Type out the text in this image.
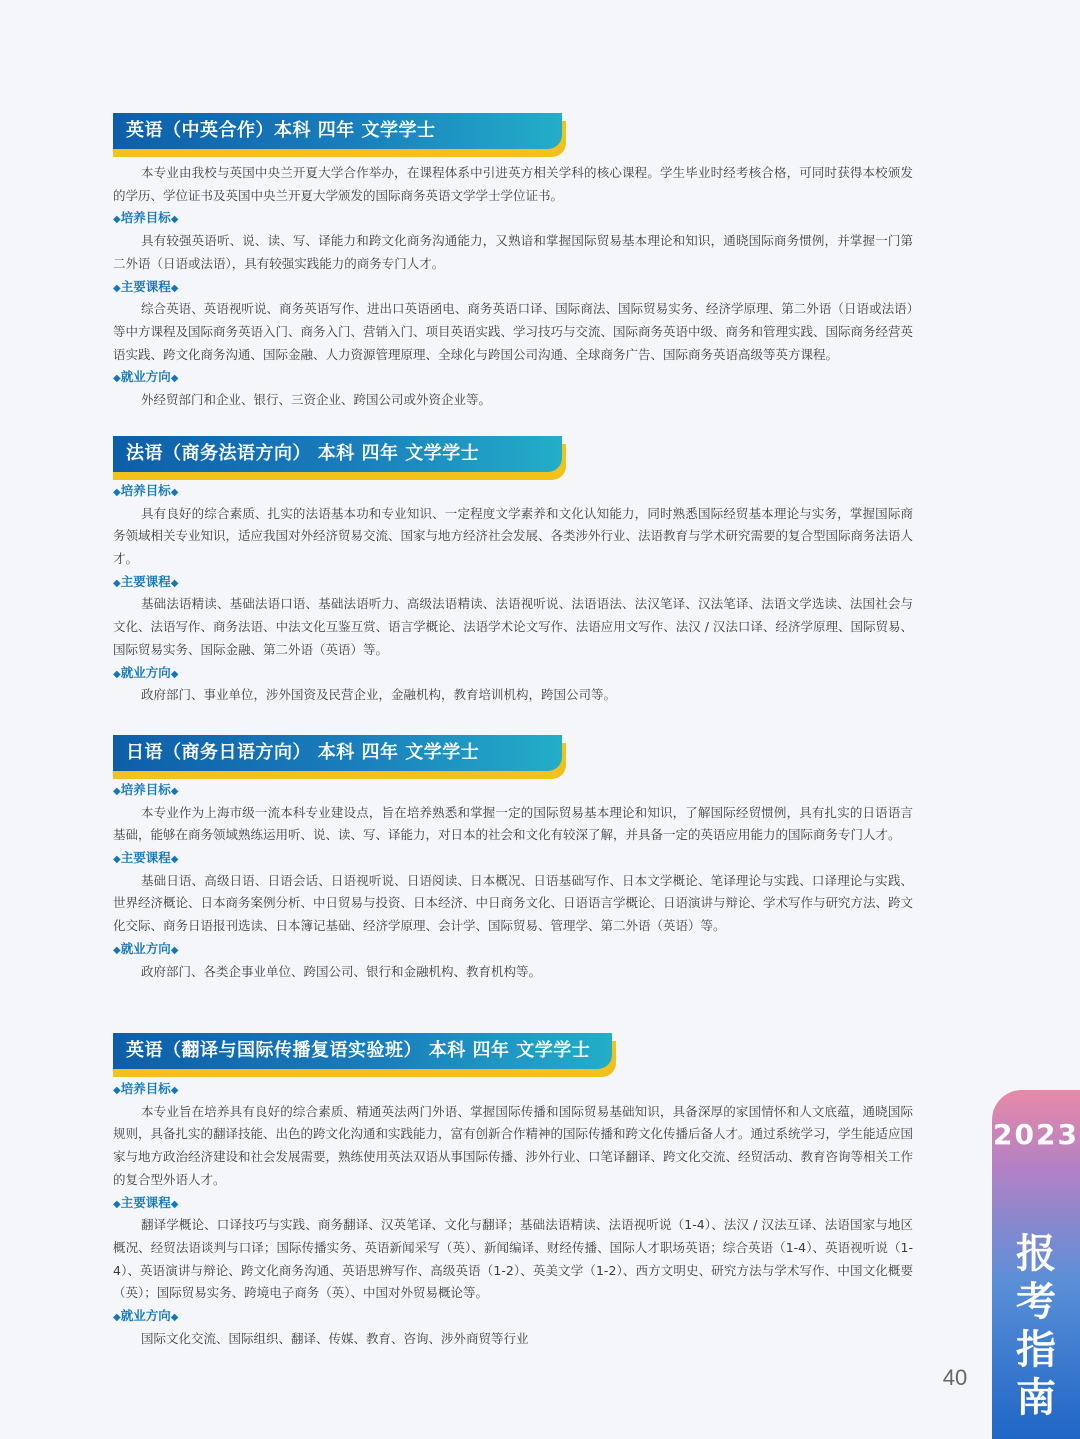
英语（中英合作）本科 四年 文学学士

本专业由我校与英国中央兰开夏大学合作举办，在课程体系中引进英方相关学科的核心课程。学生毕业时经考核合格，可同时获得本校颁发的学历、学位证书及英国中央兰开夏大学颁发的国际商务英语文学学士学位证书。

◆培养目标◆

具有较强英语听、说、读、写、译能力和跨文化商务沟通能力，又熟谙和掌握国际贸易基本理论和知识，通晓国际商务惯例，并掌握一门第二外语（日语或法语），具有较强实践能力的商务专门人才。

◆主要课程◆

综合英语、英语视听说、商务英语写作、进出口英语函电、商务英语口译、国际商法、国际贸易实务、经济学原理、第二外语（日语或法语）等中方课程及国际商务英语入门、商务入门、营销入门、项目英语实践、学习技巧与交流、国际商务英语中级、商务和管理实践、国际商务经营英语实践、跨文化商务沟通、国际金融、人力资源管理原理、全球化与跨国公司沟通、全球商务广告、国际商务英语高级等英方课程。

◆就业方向◆

外经贸部门和企业、银行、三资企业、跨国公司或外资企业等。

法语（商务法语方向） 本科 四年 文学学士
◆培养目标◆

具有良好的综合素质、扎实的法语基本功和专业知识、一定程度文学素养和文化认知能力，同时熟悉国际经贸基本理论与实务，掌握国际商务领域相关专业知识，适应我国对外经济贸易交流、国家与地方经济社会发展、各类涉外行业、法语教育与学术研究需要的复合型国际商务法语人才。

◆主要课程◆

基础法语精读、基础法语口语、基础法语听力、高级法语精读、法语视听说、法语语法、法汉笔译、汉法笔译、法语文学选读、法国社会与文化、法语写作、商务法语、中法文化互鉴互赏、语言学概论、法语学术论文写作、法语应用文写作、法汉 / 汉法口译、经济学原理、国际贸易、国际贸易实务、国际金融、第二外语（英语）等。

◆就业方向◆

政府部门、事业单位，涉外国资及民营企业，金融机构，教育培训机构，跨国公司等。

日语（商务日语方向） 本科 四年 文学学士
◆培养目标◆

本专业作为上海市级一流本科专业建设点，旨在培养熟悉和掌握一定的国际贸易基本理论和知识，了解国际经贸惯例，具有扎实的日语语言基础，能够在商务领域熟练运用听、说、读、写、译能力，对日本的社会和文化有较深了解，并具备一定的英语应用能力的国际商务专门人才。

◆主要课程◆

基础日语、高级日语、日语会话、日语视听说、日语阅读、日本概况、日语基础写作、日本文学概论、笔译理论与实践、口译理论与实践、世界经济概论、日本商务案例分析、中日贸易与投资、日本经济、中日商务文化、日语语言学概论、日语演讲与辩论、学术写作与研究方法、跨文化交际、商务日语报刊选读、日本簿记基础、经济学原理、会计学、国际贸易、管理学、第二外语（英语）等。

◆就业方向◆

政府部门、各类企事业单位、跨国公司、银行和金融机构、教育机构等。

英语（翻译与国际传播复语实验班） 本科 四年 文学学士
◆培养目标◆

本专业旨在培养具有良好的综合素质、精通英法两门外语、掌握国际传播和国际贸易基础知识，具备深厚的家国情怀和人文底蕴，通晓国际规则，具备扎实的翻译技能、出色的跨文化沟通和实践能力，富有创新合作精神的国际传播和跨文化传播后备人才。通过系统学习，学生能适应国家与地方政治经济建设和社会发展需要，熟练使用英法双语从事国际传播、涉外行业、口笔译翻译、跨文化交流、经贸活动、教育咨询等相关工作的复合型外语人才。

◆主要课程◆

翻译学概论、口译技巧与实践、商务翻译、汉英笔译、文化与翻译；基础法语精读、法语视听说（1-4）、法汉 / 汉法互译、法语国家与地区概况、经贸法语谈判与口译；国际传播实务、英语新闻采写（英）、新闻编译、财经传播、国际人才职场英语；综合英语（1-4）、英语视听说（1-4）、英语演讲与辩论、跨文化商务沟通、英语思辨写作、高级英语（1-2）、英美文学（1-2）、西方文明史、研究方法与学术写作、中国文化概要（英）；国际贸易实务、跨境电子商务（英）、中国对外贸易概论等。

◆就业方向◆

国际文化交流、国际组织、翻译、传媒、教育、咨询、涉外商贸等行业

2023
报
考
指
南
40
